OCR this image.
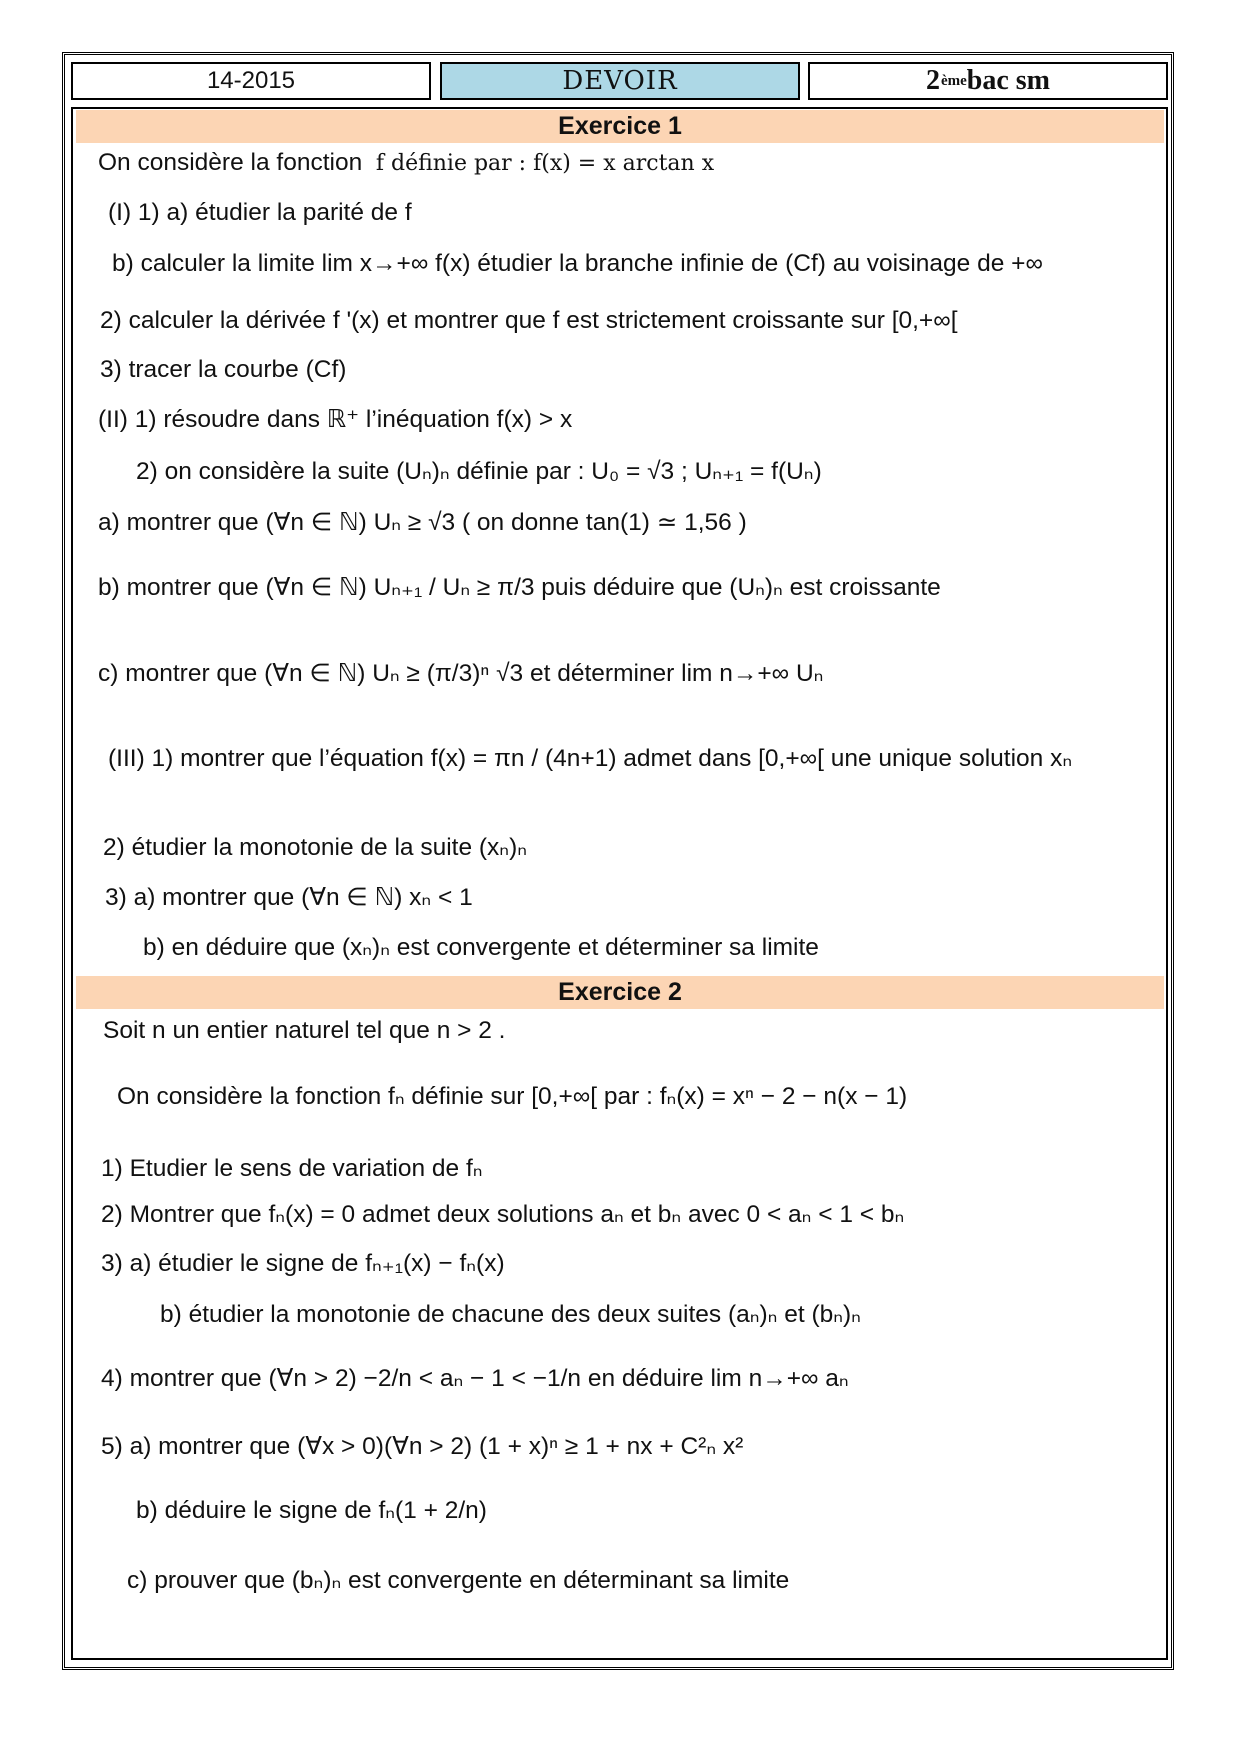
14-2015	DEVOIR	2 ème bac sm
Exercice 1
On considère la fonction f définie par : f(x) = x arctan x
(I) 1) a) étudier la parité de f
b) calculer la limite lim x→+∞ f(x) étudier la branche infinie de (Cf) au voisinage de +∞
2) calculer la dérivée f '(x) et montrer que f est strictement croissante sur [0,+∞[
3) tracer la courbe (Cf)
(II) 1) résoudre dans ℝ⁺ l’inéquation f(x) > x
2) on considère la suite (Uₙ)ₙ définie par : U₀ = √3 ; Uₙ₊₁ = f(Uₙ)
a) montrer que (∀n ∈ ℕ) Uₙ ≥ √3 ( on donne tan(1) ≃ 1,56 )
b) montrer que (∀n ∈ ℕ) Uₙ₊₁ / Uₙ ≥ π/3 puis déduire que (Uₙ)ₙ est croissante
c) montrer que (∀n ∈ ℕ) Uₙ ≥ (π/3)ⁿ √3 et déterminer lim n→+∞ Uₙ
(III) 1) montrer que l’équation f(x) = πn / (4n+1) admet dans [0,+∞[ une unique solution xₙ
2) étudier la monotonie de la suite (xₙ)ₙ
3) a) montrer que (∀n ∈ ℕ) xₙ < 1
b) en déduire que (xₙ)ₙ est convergente et déterminer sa limite
Exercice 2
Soit n un entier naturel tel que n > 2 .
On considère la fonction fₙ définie sur [0,+∞[ par : fₙ(x) = xⁿ − 2 − n(x − 1)
1) Etudier le sens de variation de fₙ
2) Montrer que fₙ(x) = 0 admet deux solutions aₙ et bₙ avec 0 < aₙ < 1 < bₙ
3) a) étudier le signe de fₙ₊₁(x) − fₙ(x)
b) étudier la monotonie de chacune des deux suites (aₙ)ₙ et (bₙ)ₙ
4) montrer que (∀n > 2) −2/n < aₙ − 1 < −1/n en déduire lim n→+∞ aₙ
5) a) montrer que (∀x > 0)(∀n > 2) (1 + x)ⁿ ≥ 1 + nx + C²ₙ x²
b) déduire le signe de fₙ(1 + 2/n)
c) prouver que (bₙ)ₙ est convergente en déterminant sa limite
